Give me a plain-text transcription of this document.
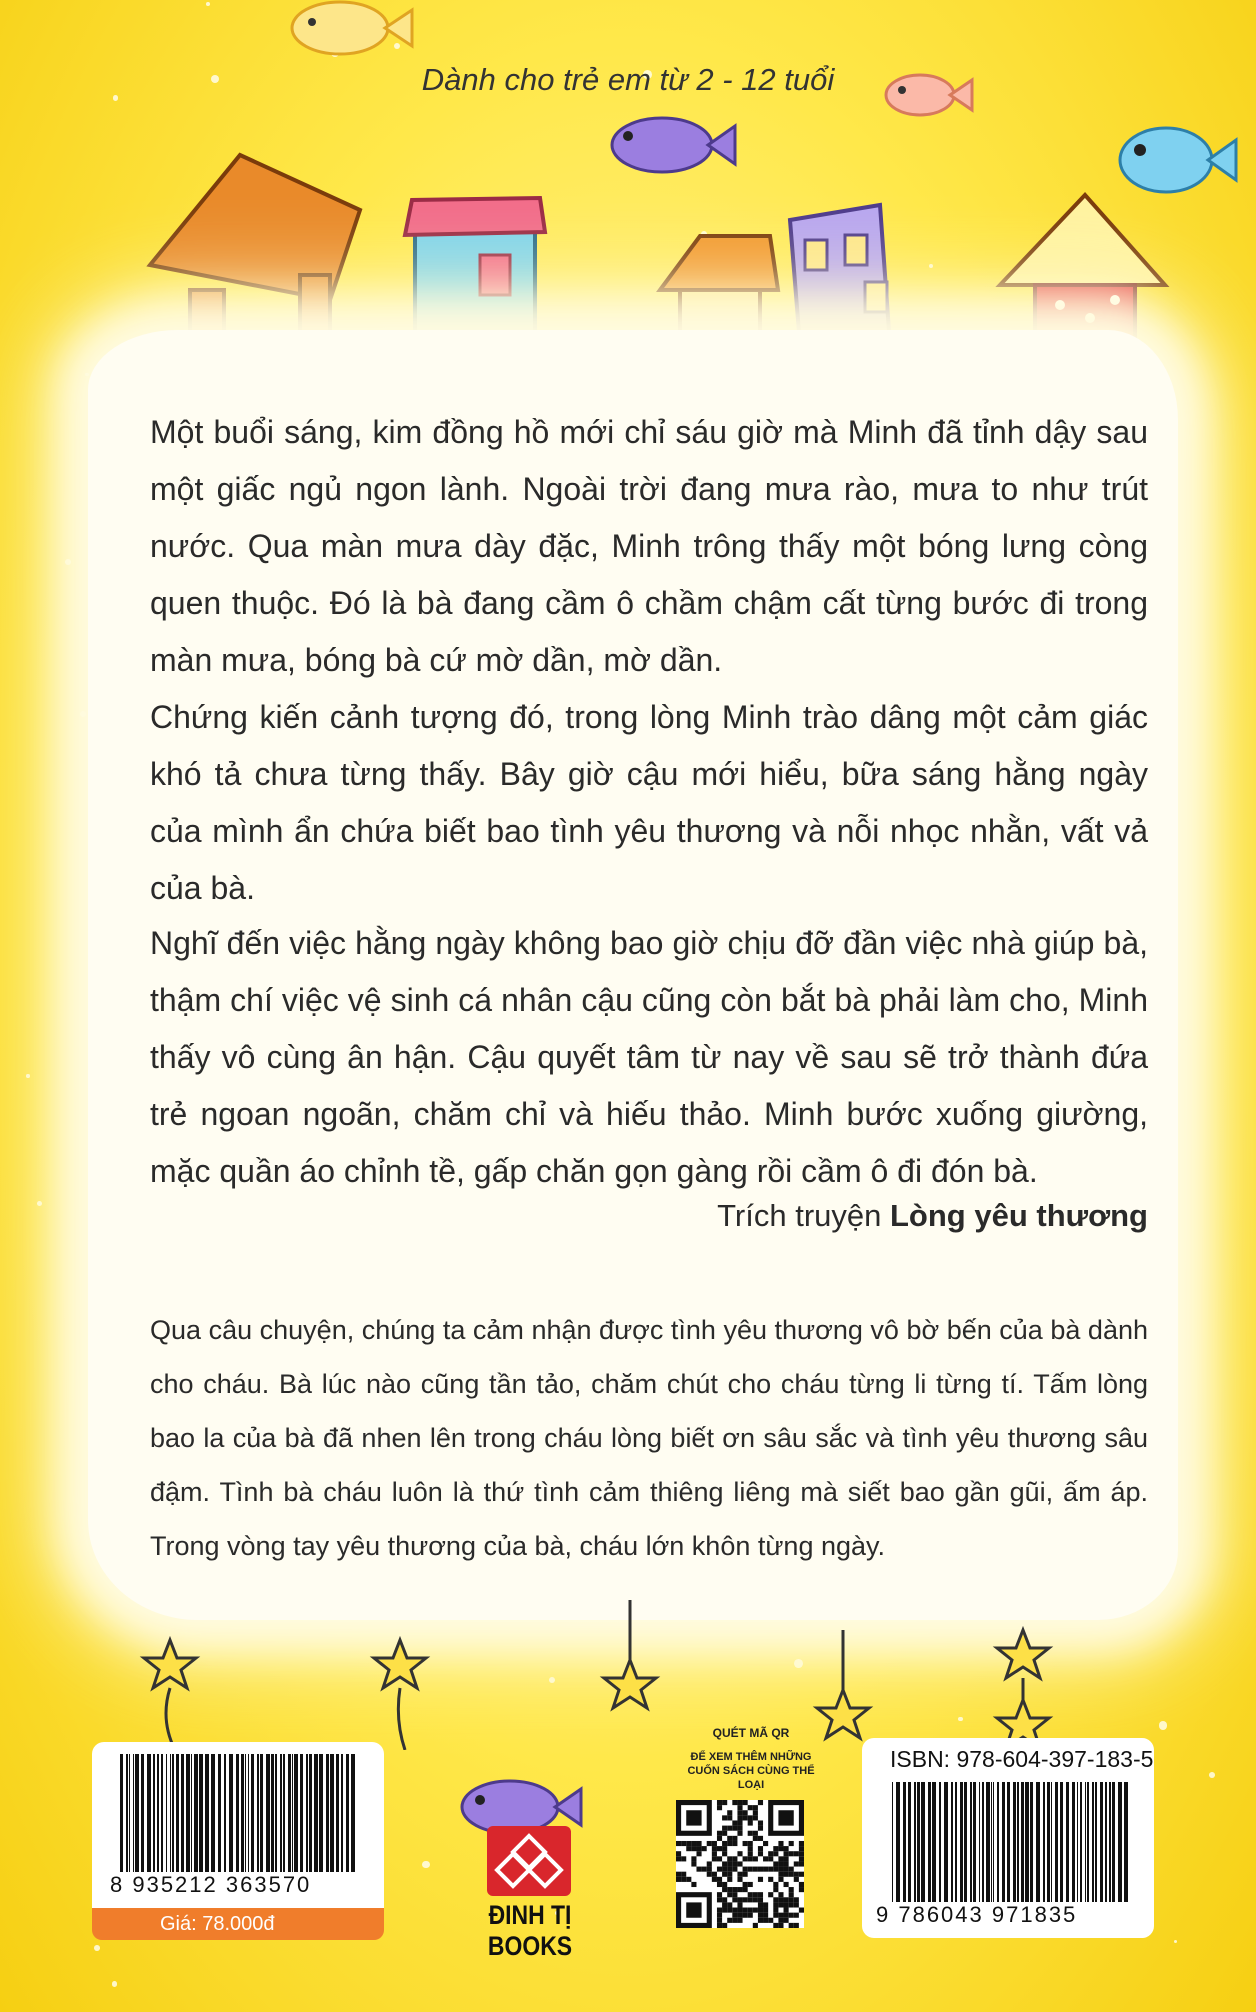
Dành cho trẻ em từ 2 - 12 tuổi

Một buổi sáng, kim đồng hồ mới chỉ sáu giờ mà Minh đã tỉnh dậy sau một giấc ngủ ngon lành. Ngoài trời đang mưa rào, mưa to như trút nước. Qua màn mưa dày đặc, Minh trông thấy một bóng lưng còng quen thuộc. Đó là bà đang cầm ô chầm chậm cất từng bước đi trong màn mưa, bóng bà cứ mờ dần, mờ dần.

Chứng kiến cảnh tượng đó, trong lòng Minh trào dâng một cảm giác khó tả chưa từng thấy. Bây giờ cậu mới hiểu, bữa sáng hằng ngày của mình ẩn chứa biết bao tình yêu thương và nỗi nhọc nhằn, vất vả của bà.

Nghĩ đến việc hằng ngày không bao giờ chịu đỡ đần việc nhà giúp bà, thậm chí việc vệ sinh cá nhân cậu cũng còn bắt bà phải làm cho, Minh thấy vô cùng ân hận. Cậu quyết tâm từ nay về sau sẽ trở thành đứa trẻ ngoan ngoãn, chăm chỉ và hiếu thảo. Minh bước xuống giường, mặc quần áo chỉnh tề, gấp chăn gọn gàng rồi cầm ô đi đón bà.

Trích truyện Lòng yêu thương

Qua câu chuyện, chúng ta cảm nhận được tình yêu thương vô bờ bến của bà dành cho cháu. Bà lúc nào cũng tần tảo, chăm chút cho cháu từng li từng tí. Tấm lòng bao la của bà đã nhen lên trong cháu lòng biết ơn sâu sắc và tình yêu thương sâu đậm. Tình bà cháu luôn là thứ tình cảm thiêng liêng mà siết bao gần gũi, ấm áp. Trong vòng tay yêu thương của bà, cháu lớn khôn từng ngày.

8 935212 363570
Giá: 78.000đ	ĐINH TỊ BOOKS
QUÉT MÃ QR
ĐỂ XEM THÊM NHỮNG CUỐN SÁCH CÙNG THỂ LOẠI
9 786043 971835
ISBN: 978-604-397-183-5
